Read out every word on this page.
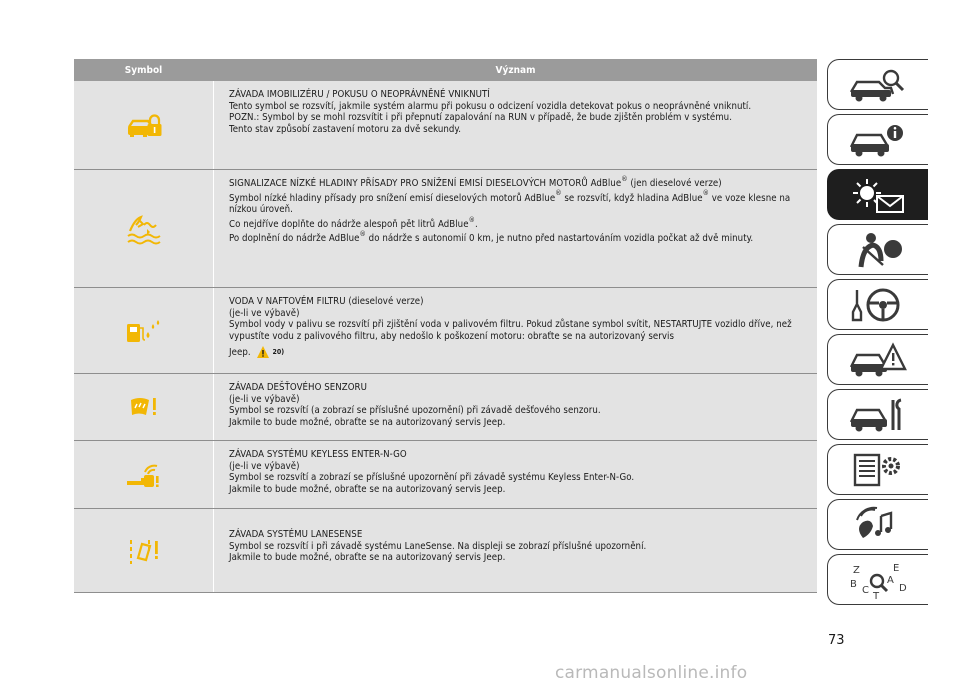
Symbol	Význam

ZÁVADA IMOBILIZÉRU / POKUSU O NEOPRÁVNĚNÉ VNIKNUTÍ

Tento symbol se rozsvítí, jakmile systém alarmu při pokusu o odcizení vozidla detekovat pokus o neoprávněné vniknutí.

POZN.: Symbol by se mohl rozsvítit i při přepnutí zapalování na RUN v případě, že bude zjištěn problém v systému.

Tento stav způsobí zastavení motoru za dvě sekundy.

SIGNALIZACE NÍZKÉ HLADINY PŘÍSADY PRO SNÍŽENÍ EMISÍ DIESELOVÝCH MOTORŮ AdBlue® (jen dieselové verze)

Symbol nízké hladiny přísady pro snížení emisí dieselových motorů AdBlue® se rozsvítí, když hladina AdBlue® ve voze klesne na nízkou úroveň.

Co nejdříve doplňte do nádrže alespoň pět litrů AdBlue®.

Po doplnění do nádrže AdBlue® do nádrže s autonomií 0 km, je nutno před nastartováním vozidla počkat až dvě minuty.

VODA V NAFTOVÉM FILTRU (dieselové verze)

(je-li ve výbavě)

Symbol vody v palivu se rozsvítí při zjištění voda v palivovém filtru. Pokud zůstane symbol svítit, NESTARTUJTE vozidlo dříve, než vypustíte vodu z palivového filtru, aby nedošlo k poškození motoru: obraťte se na autorizovaný servis

Jeep.	20)

ZÁVADA DEŠŤOVÉHO SENZORU

(je-li ve výbavě)

Symbol se rozsvítí (a zobrazí se příslušné upozornění) při závadě dešťového senzoru.

Jakmile to bude možné, obraťte se na autorizovaný servis Jeep.

ZÁVADA SYSTÉMU KEYLESS ENTER-N-GO

(je-li ve výbavě)

Symbol se rozsvítí a zobrazí se příslušné upozornění při závadě systému Keyless Enter-N-Go.

Jakmile to bude možné, obraťte se na autorizovaný servis Jeep.

ZÁVADA SYSTÉMU LANESENSE

Symbol se rozsvítí i při závadě systému LaneSense. Na displeji se zobrazí příslušné upozornění.

Jakmile to bude možné, obraťte se na autorizovaný servis Jeep.

Z	E
B	A
C	D
T
73
carmanualsonline.info
